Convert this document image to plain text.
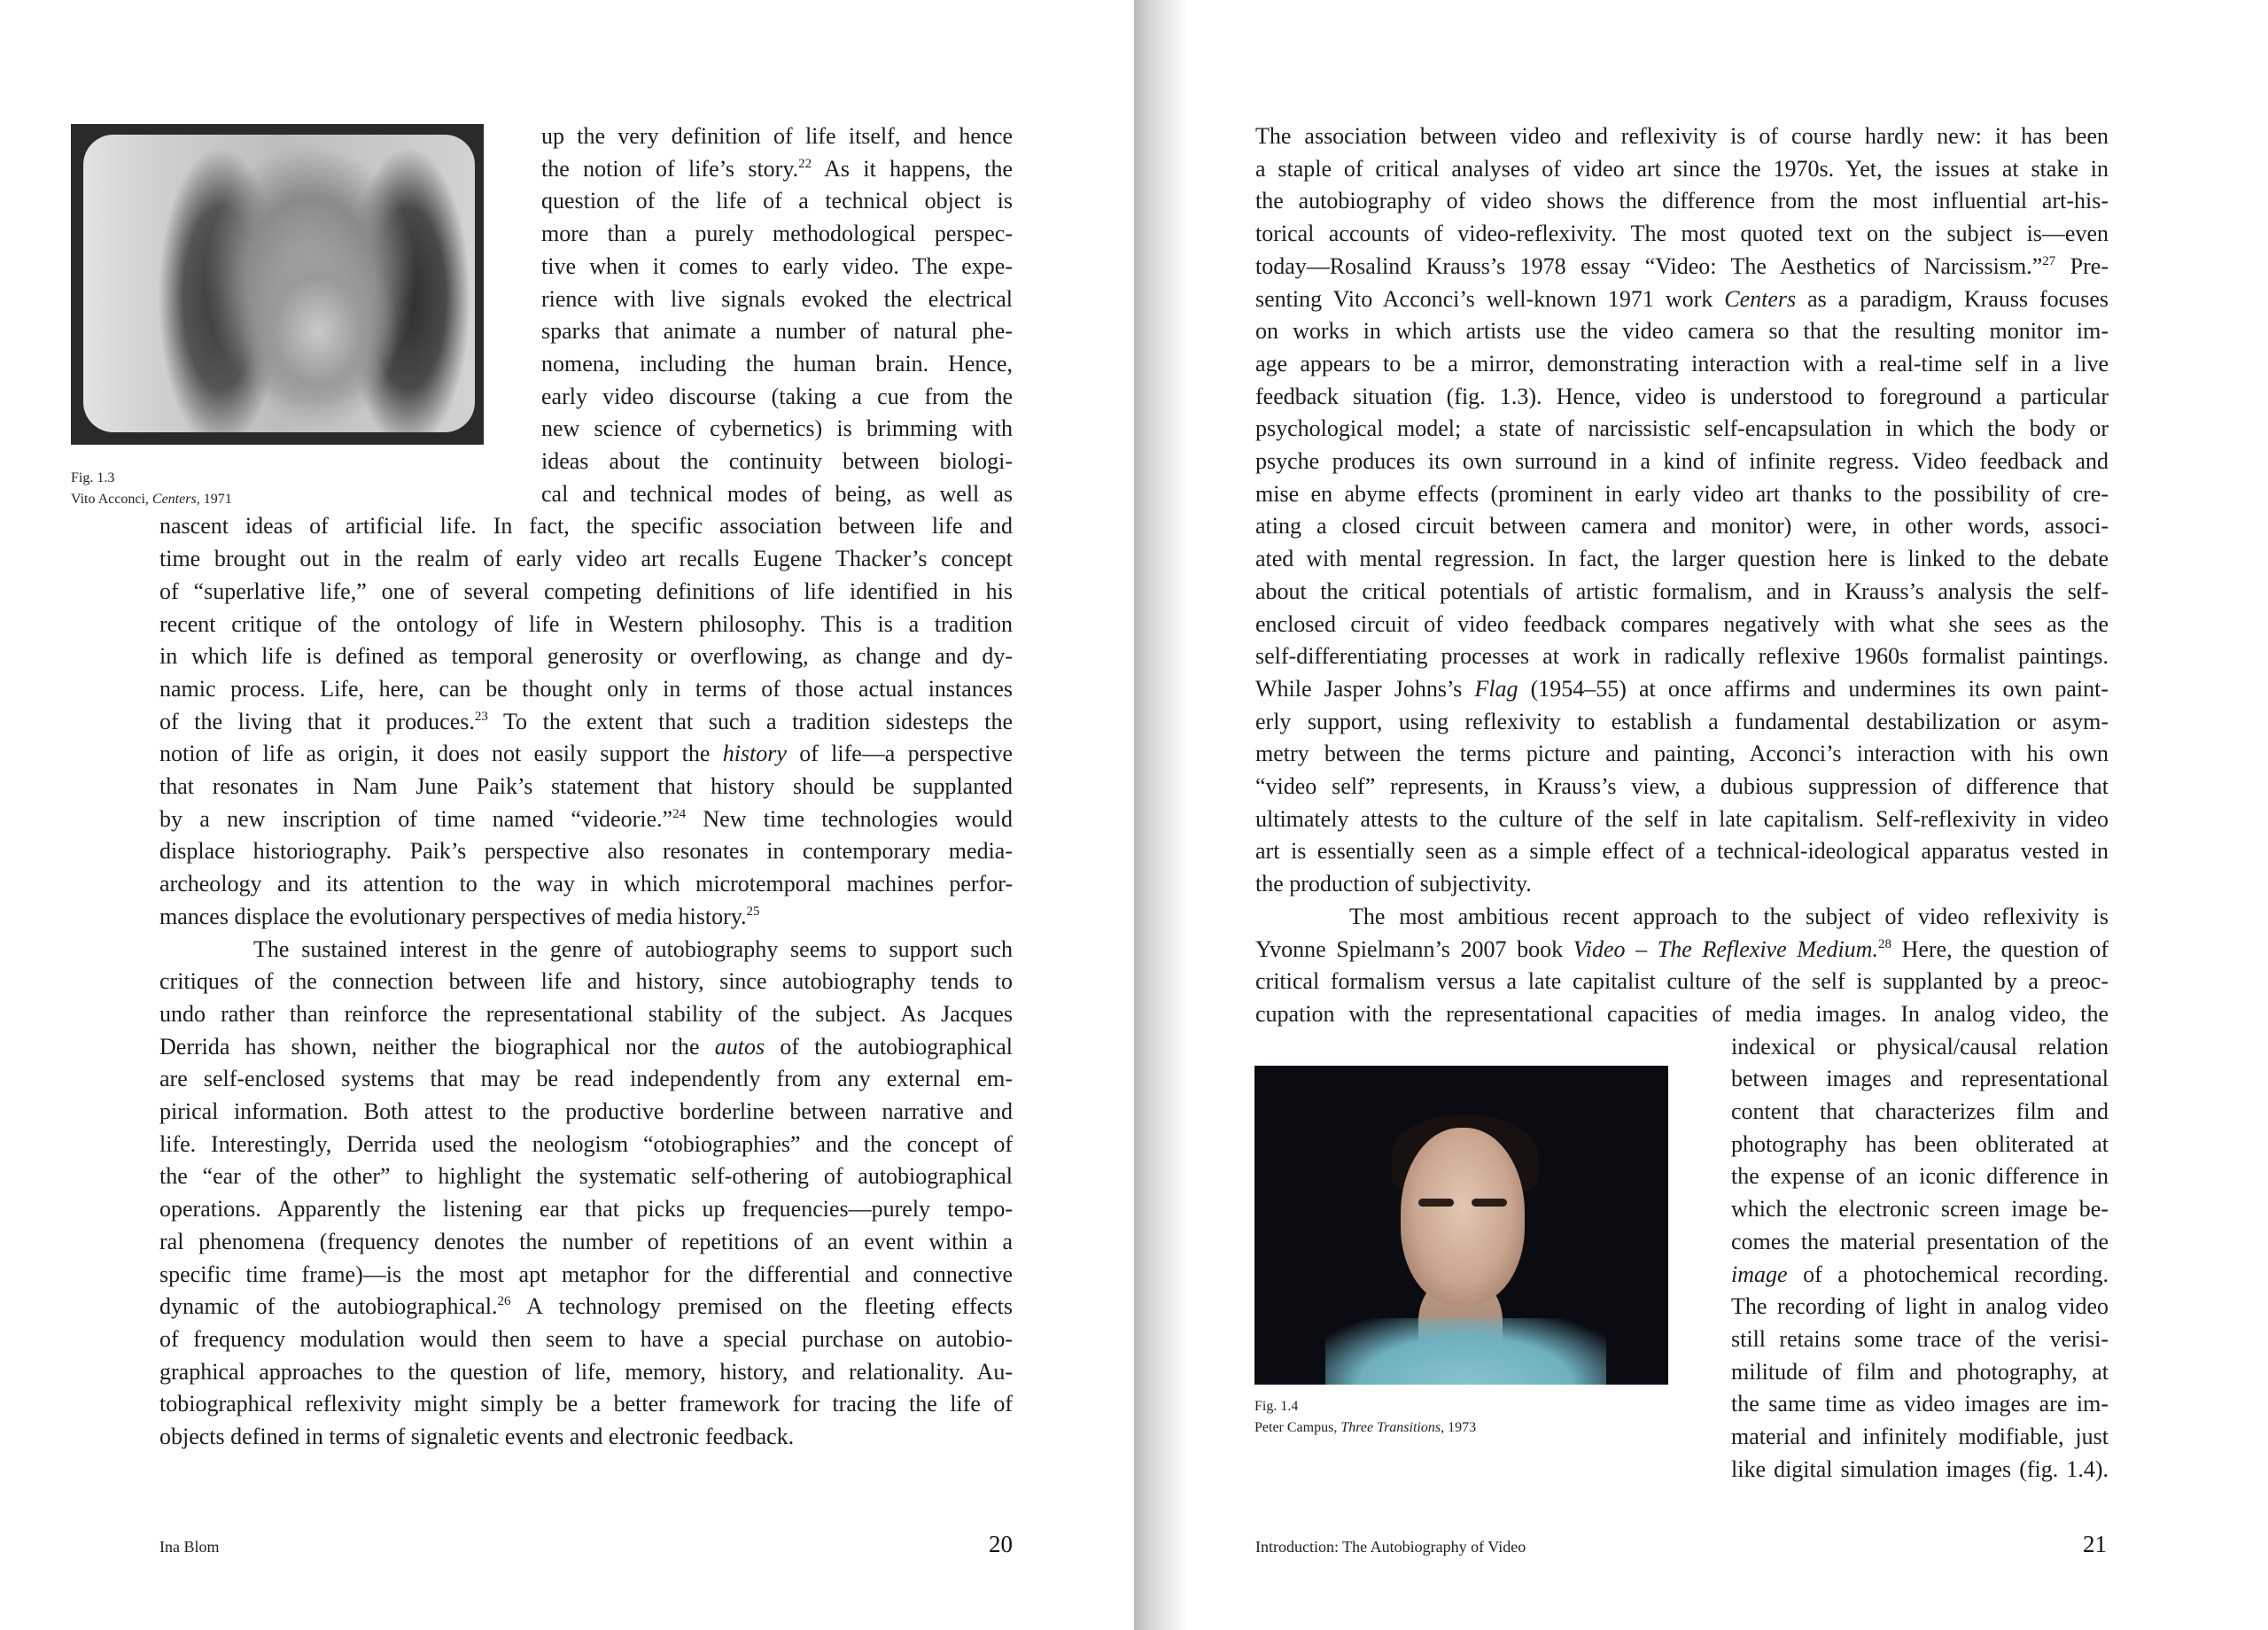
Fig. 1.3
Vito Acconci, Centers, 1971
up the very definition of life itself, and hence
the notion of life’s story.$^{22}$ As it happens, the
question of the life of a technical object is
more than a purely methodological perspec-
tive when it comes to early video. The expe-
rience with live signals evoked the electrical
sparks that animate a number of natural phe-
nomena, including the human brain. Hence,
early video discourse (taking a cue from the
new science of cybernetics) is brimming with
ideas about the continuity between biologi-
cal and technical modes of being, as well as
nascent ideas of artificial life. In fact, the specific association between life and
time brought out in the realm of early video art recalls Eugene Thacker’s concept
of “superlative life,” one of several competing definitions of life identified in his
recent critique of the ontology of life in Western philosophy. This is a tradition
in which life is defined as temporal generosity or overflowing, as change and dy-
namic process. Life, here, can be thought only in terms of those actual instances
of the living that it produces.$^{23}$ To the extent that such a tradition sidesteps the
notion of life as origin, it does not easily support the history of life—a perspective
that resonates in Nam June Paik’s statement that history should be supplanted
by a new inscription of time named “videorie.”$^{24}$ New time technologies would
displace historiography. Paik’s perspective also resonates in contemporary media-
archeology and its attention to the way in which microtemporal machines perfor-
mances displace the evolutionary perspectives of media history.$^{25}$
The sustained interest in the genre of autobiography seems to support such
critiques of the connection between life and history, since autobiography tends to
undo rather than reinforce the representational stability of the subject. As Jacques
Derrida has shown, neither the biographical nor the autos of the autobiographical
are self-enclosed systems that may be read independently from any external em-
pirical information. Both attest to the productive borderline between narrative and
life. Interestingly, Derrida used the neologism “otobiographies” and the concept of
the “ear of the other” to highlight the systematic self-othering of autobiographical
operations. Apparently the listening ear that picks up frequencies—purely tempo-
ral phenomena (frequency denotes the number of repetitions of an event within a
specific time frame)—is the most apt metaphor for the differential and connective
dynamic of the autobiographical.$^{26}$ A technology premised on the fleeting effects
of frequency modulation would then seem to have a special purchase on autobio-
graphical approaches to the question of life, memory, history, and relationality. Au-
tobiographical reflexivity might simply be a better framework for tracing the life of
objects defined in terms of signaletic events and electronic feedback.
Ina Blom	20
The association between video and reflexivity is of course hardly new: it has been
a staple of critical analyses of video art since the 1970s. Yet, the issues at stake in
the autobiography of video shows the difference from the most influential art-his-
torical accounts of video-reflexivity. The most quoted text on the subject is—even
today—Rosalind Krauss’s 1978 essay “Video: The Aesthetics of Narcissism.”$^{27}$ Pre-
senting Vito Acconci’s well-known 1971 work Centers as a paradigm, Krauss focuses
on works in which artists use the video camera so that the resulting monitor im-
age appears to be a mirror, demonstrating interaction with a real-time self in a live
feedback situation (fig. 1.3). Hence, video is understood to foreground a particular
psychological model; a state of narcissistic self-encapsulation in which the body or
psyche produces its own surround in a kind of infinite regress. Video feedback and
mise en abyme effects (prominent in early video art thanks to the possibility of cre-
ating a closed circuit between camera and monitor) were, in other words, associ-
ated with mental regression. In fact, the larger question here is linked to the debate
about the critical potentials of artistic formalism, and in Krauss’s analysis the self-
enclosed circuit of video feedback compares negatively with what she sees as the
self-differentiating processes at work in radically reflexive 1960s formalist paintings.
While Jasper Johns’s Flag (1954–55) at once affirms and undermines its own paint-
erly support, using reflexivity to establish a fundamental destabilization or asym-
metry between the terms picture and painting, Acconci’s interaction with his own
“video self” represents, in Krauss’s view, a dubious suppression of difference that
ultimately attests to the culture of the self in late capitalism. Self-reflexivity in video
art is essentially seen as a simple effect of a technical-ideological apparatus vested in
the production of subjectivity.
The most ambitious recent approach to the subject of video reflexivity is
Yvonne Spielmann’s 2007 book Video – The Reflexive Medium.$^{28}$ Here, the question of
critical formalism versus a late capitalist culture of the self is supplanted by a preoc-
cupation with the representational capacities of media images. In analog video, the
indexical or physical/causal relation
between images and representational
content that characterizes film and
photography has been obliterated at
the expense of an iconic difference in
which the electronic screen image be-
comes the material presentation of the
image of a photochemical recording.
The recording of light in analog video
still retains some trace of the verisi-
militude of film and photography, at
the same time as video images are im-
material and infinitely modifiable, just
like digital simulation images (fig. 1.4).
Fig. 1.4
Peter Campus, Three Transitions, 1973
Introduction: The Autobiography of Video	21
